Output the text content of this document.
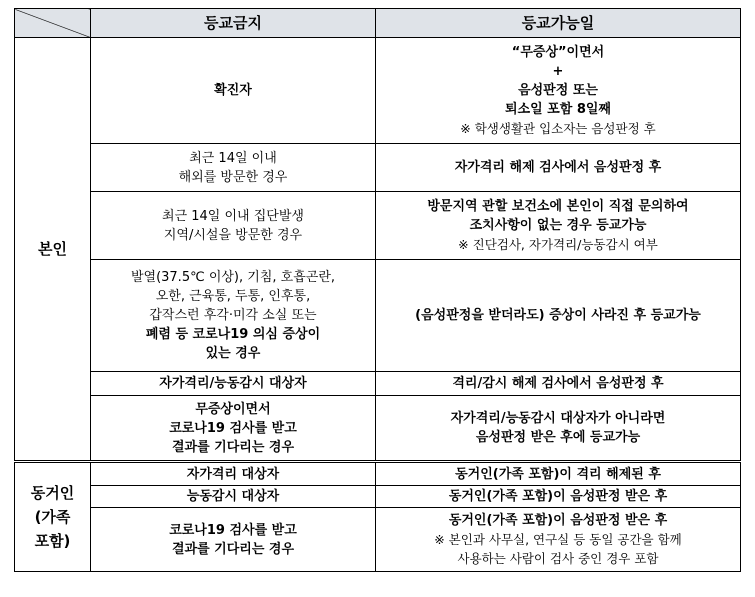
	등교금지	등교가능일
본인	확진자	“무증상”이면서
+
음성판정 또는
퇴소일 포함 8일째
※ 학생생활관 입소자는 음성판정 후

	최근 14일 이내
해외를 방문한 경우	자가격리 해제 검사에서 음성판정 후

	최근 14일 이내 집단발생
지역/시설을 방문한 경우	방문지역 관할 보건소에 본인이 직접 문의하여
조치사항이 없는 경우 등교가능
※ 진단검사, 자가격리/능동감시 여부

	발열(37.5℃ 이상), 기침, 호흡곤란,
오한, 근육통, 두통, 인후통,
갑작스런 후각·미각 소실 또는
폐렴 등 코로나19 의심 증상이
있는 경우	(음성판정을 받더라도) 증상이 사라진 후 등교가능
	자가격리/능동감시 대상자	격리/감시 해제 검사에서 음성판정 후

	무증상이면서
코로나19 검사를 받고
결과를 기다리는 경우	자가격리/능동감시 대상자가 아니라면
음성판정 받은 후에 등교가능

동거인
(가족
포함)	자가격리 대상자	동거인(가족 포함)이 격리 해제된 후
	능동감시 대상자	동거인(가족 포함)이 음성판정 받은 후

	코로나19 검사를 받고
결과를 기다리는 경우	동거인(가족 포함)이 음성판정 받은 후
※ 본인과 사무실, 연구실 등 동일 공간을 함께
사용하는 사람이 검사 중인 경우 포함
